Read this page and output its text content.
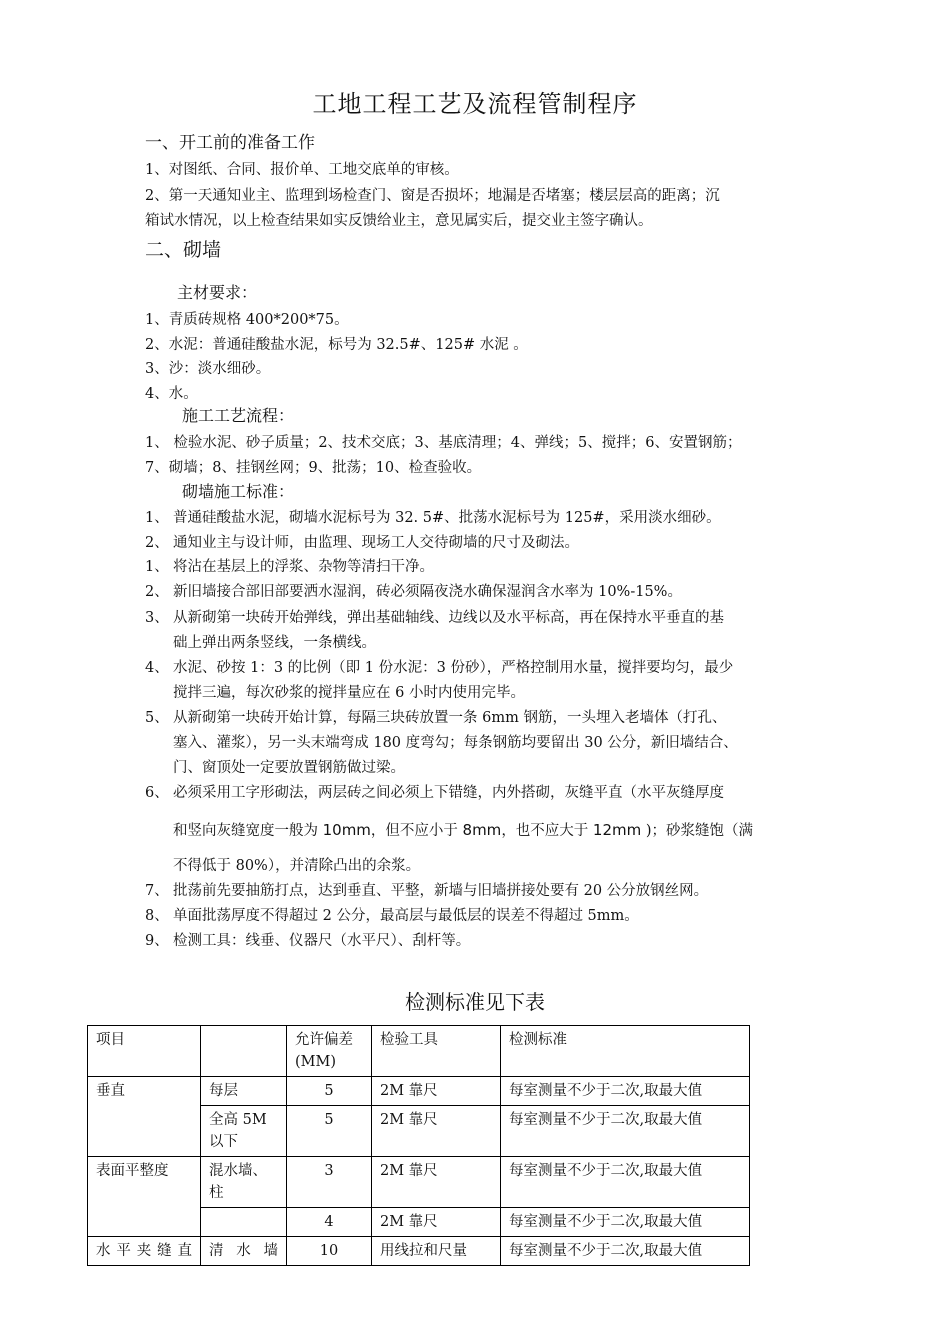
工地工程工艺及流程管制程序
一、开工前的准备工作
1、对图纸、合同、报价单、工地交底单的审核。
2、第一天通知业主、监理到场检查门、窗是否损坏；地漏是否堵塞；楼层层高的距离；沉
箱试水情况，以上检查结果如实反馈给业主，意见属实后，提交业主签字确认。
二、砌墙
主材要求：
1、青质砖规格 400*200*75。
2、水泥：普通硅酸盐水泥，标号为 32.5#、125# 水泥 。
3、沙：淡水细砂。
4、水。
施工工艺流程：
1、 检验水泥、砂子质量；2、技术交底；3、基底清理；4、弹线；5、搅拌；6、安置钢筋；
7、砌墙；8、挂钢丝网；9、批荡；10、检查验收。
砌墙施工标准：
1、 普通硅酸盐水泥，砌墙水泥标号为 32. 5#、批荡水泥标号为 125#，采用淡水细砂。
2、 通知业主与设计师，由监理、现场工人交待砌墙的尺寸及砌法。
1、 将沾在基层上的浮浆、杂物等清扫干净。
2、 新旧墙接合部旧部要洒水湿润，砖必须隔夜浇水确保湿润含水率为 10%-15%。
3、 从新砌第一块砖开始弹线，弹出基础轴线、边线以及水平标高，再在保持水平垂直的基
础上弹出两条竖线，一条横线。
4、 水泥、砂按 1：3 的比例（即 1 份水泥：3 份砂），严格控制用水量，搅拌要均匀，最少
搅拌三遍，每次砂浆的搅拌量应在 6 小时内使用完毕。
5、 从新砌第一块砖开始计算，每隔三块砖放置一条 6mm 钢筋，一头埋入老墙体（打孔、
塞入、灌浆），另一头末端弯成 180 度弯勾；每条钢筋均要留出 30 公分，新旧墙结合、
门、窗顶处一定要放置钢筋做过梁。
6、 必须采用工字形砌法，两层砖之间必须上下错缝，内外搭砌，灰缝平直（水平灰缝厚度
和竖向灰缝宽度一般为 10mm，但不应小于 8mm，也不应大于 12mm )；砂浆缝饱（满
不得低于 80%），并清除凸出的余浆。
7、 批荡前先要抽筋打点，达到垂直、平整，新墙与旧墙拼接处要有 20 公分放钢丝网。
8、 单面批荡厚度不得超过 2 公分，最高层与最低层的误差不得超过 5mm。
9、 检测工具：线垂、仪器尺（水平尺）、刮杆等。
检测标准见下表
项目		允许偏差(MM)	检验工具	检测标准
垂直	每层	5	2M 靠尺	每室测量不少于二次,取最大值
	全高 5M以下	5	2M 靠尺	每室测量不少于二次,取最大值
表面平整度	混水墙、柱	3	2M 靠尺	每室测量不少于二次,取最大值
		4	2M 靠尺	每室测量不少于二次,取最大值
水平夹缝直	清水墙	10	用线拉和尺量	每室测量不少于二次,取最大值
